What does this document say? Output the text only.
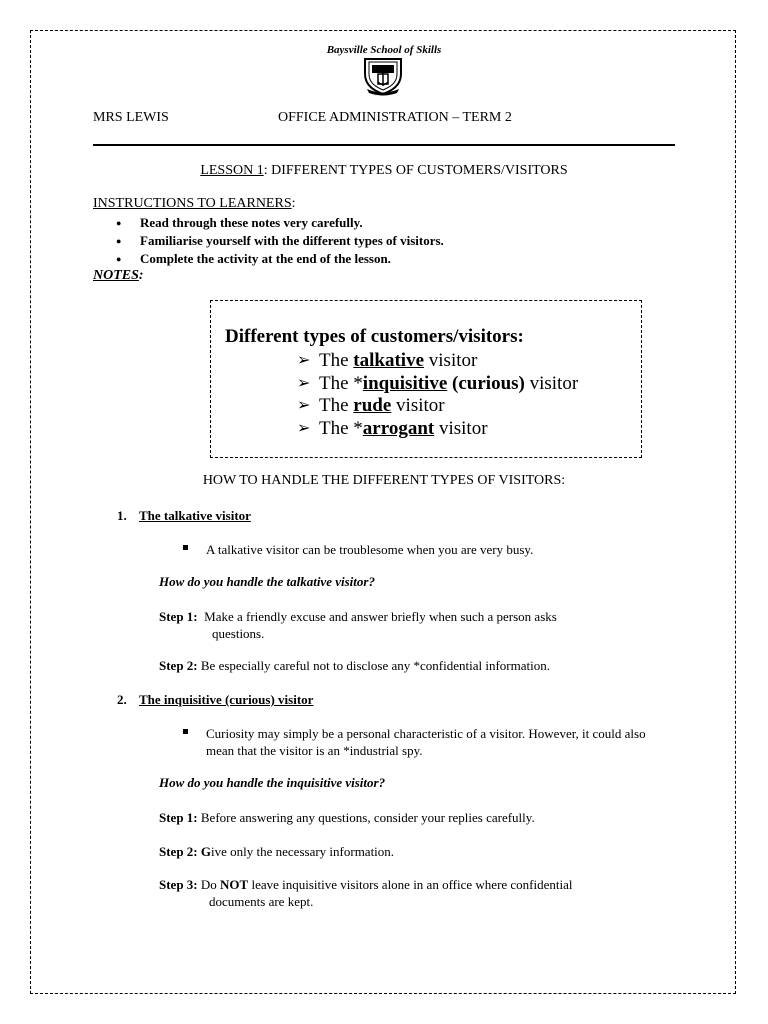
Baysville School of Skills
MRS LEWIS	OFFICE ADMINISTRATION – TERM 2
LESSON 1: DIFFERENT TYPES OF CUSTOMERS/VISITORS
INSTRUCTIONS TO LEARNERS:
● Read through these notes very carefully.
● Familiarise yourself with the different types of visitors.
● Complete the activity at the end of the lesson.
NOTES:
Different types of customers/visitors:
➢ The talkative visitor
➢ The *inquisitive (curious) visitor
➢ The rude visitor
➢ The *arrogant visitor
HOW TO HANDLE THE DIFFERENT TYPES OF VISITORS:
1. The talkative visitor
A talkative visitor can be troublesome when you are very busy.
How do you handle the talkative visitor?
Step 1: Make a friendly excuse and answer briefly when such a person asks
questions.
Step 2: Be especially careful not to disclose any *confidential information.
2. The inquisitive (curious) visitor
Curiosity may simply be a personal characteristic of a visitor. However, it could also mean that the visitor is an *industrial spy.
How do you handle the inquisitive visitor?
Step 1: Before answering any questions, consider your replies carefully.
Step 2: Give only the necessary information.
Step 3: Do NOT leave inquisitive visitors alone in an office where confidential
documents are kept.
